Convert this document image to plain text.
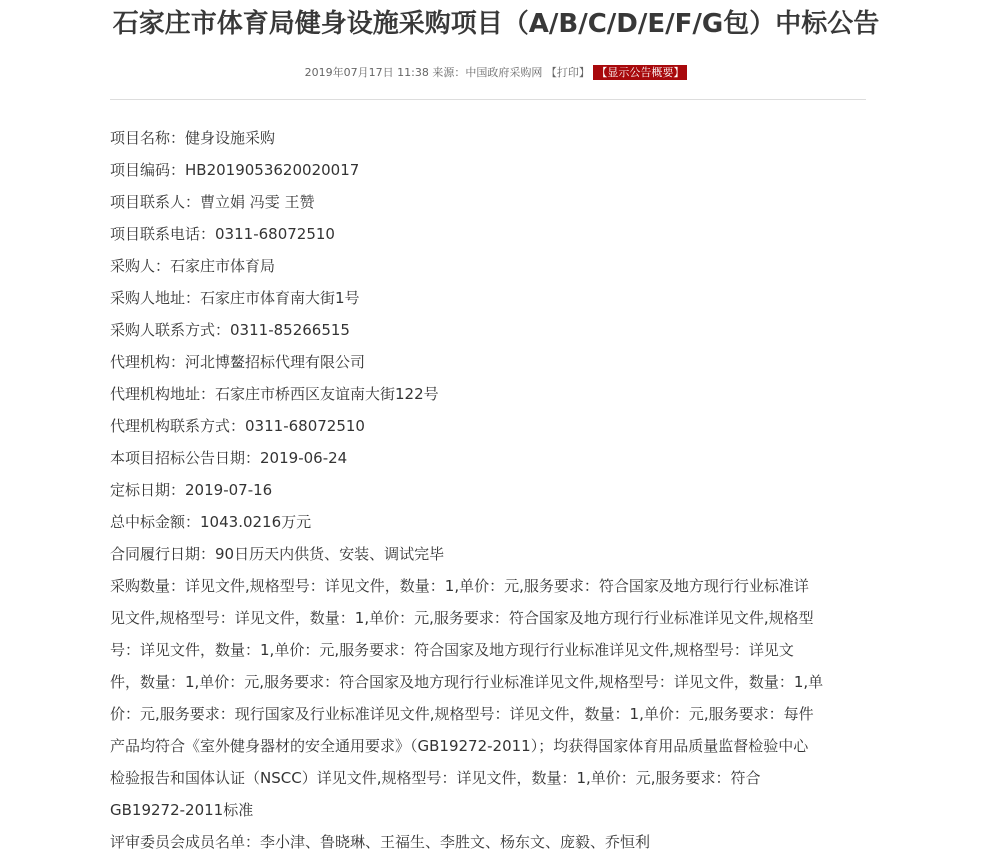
石家庄市体育局健身设施采购项目（A/B/C/D/E/F/G包）中标公告
2019年07月17日 11:38 来源：中国政府采购网 【打印】 【显示公告概要】
项目名称：健身设施采购
项目编码：HB2019053620020017
项目联系人：曹立娟 冯雯 王赞
项目联系电话：0311-68072510
采购人：石家庄市体育局
采购人地址：石家庄市体育南大街1号
采购人联系方式：0311-85266515
代理机构：河北博鳌招标代理有限公司
代理机构地址：石家庄市桥西区友谊南大街122号
代理机构联系方式：0311-68072510
本项目招标公告日期：2019-06-24
定标日期：2019-07-16
总中标金额：1043.0216万元
合同履行日期：90日历天内供货、安装、调试完毕
采购数量：详见文件,规格型号：详见文件，数量：1,单价：元,服务要求：符合国家及地方现行行业标准详
见文件,规格型号：详见文件，数量：1,单价：元,服务要求：符合国家及地方现行行业标准详见文件,规格型
号：详见文件，数量：1,单价：元,服务要求：符合国家及地方现行行业标准详见文件,规格型号：详见文
件，数量：1,单价：元,服务要求：符合国家及地方现行行业标准详见文件,规格型号：详见文件，数量：1,单
价：元,服务要求：现行国家及行业标准详见文件,规格型号：详见文件，数量：1,单价：元,服务要求：每件
产品均符合《室外健身器材的安全通用要求》（GB19272-2011）；均获得国家体育用品质量监督检验中心
检验报告和国体认证（NSCC）详见文件,规格型号：详见文件，数量：1,单价：元,服务要求：符合
GB19272-2011标准
评审委员会成员名单：李小津、鲁晓琳、王福生、李胜文、杨东文、庞毅、乔恒利
